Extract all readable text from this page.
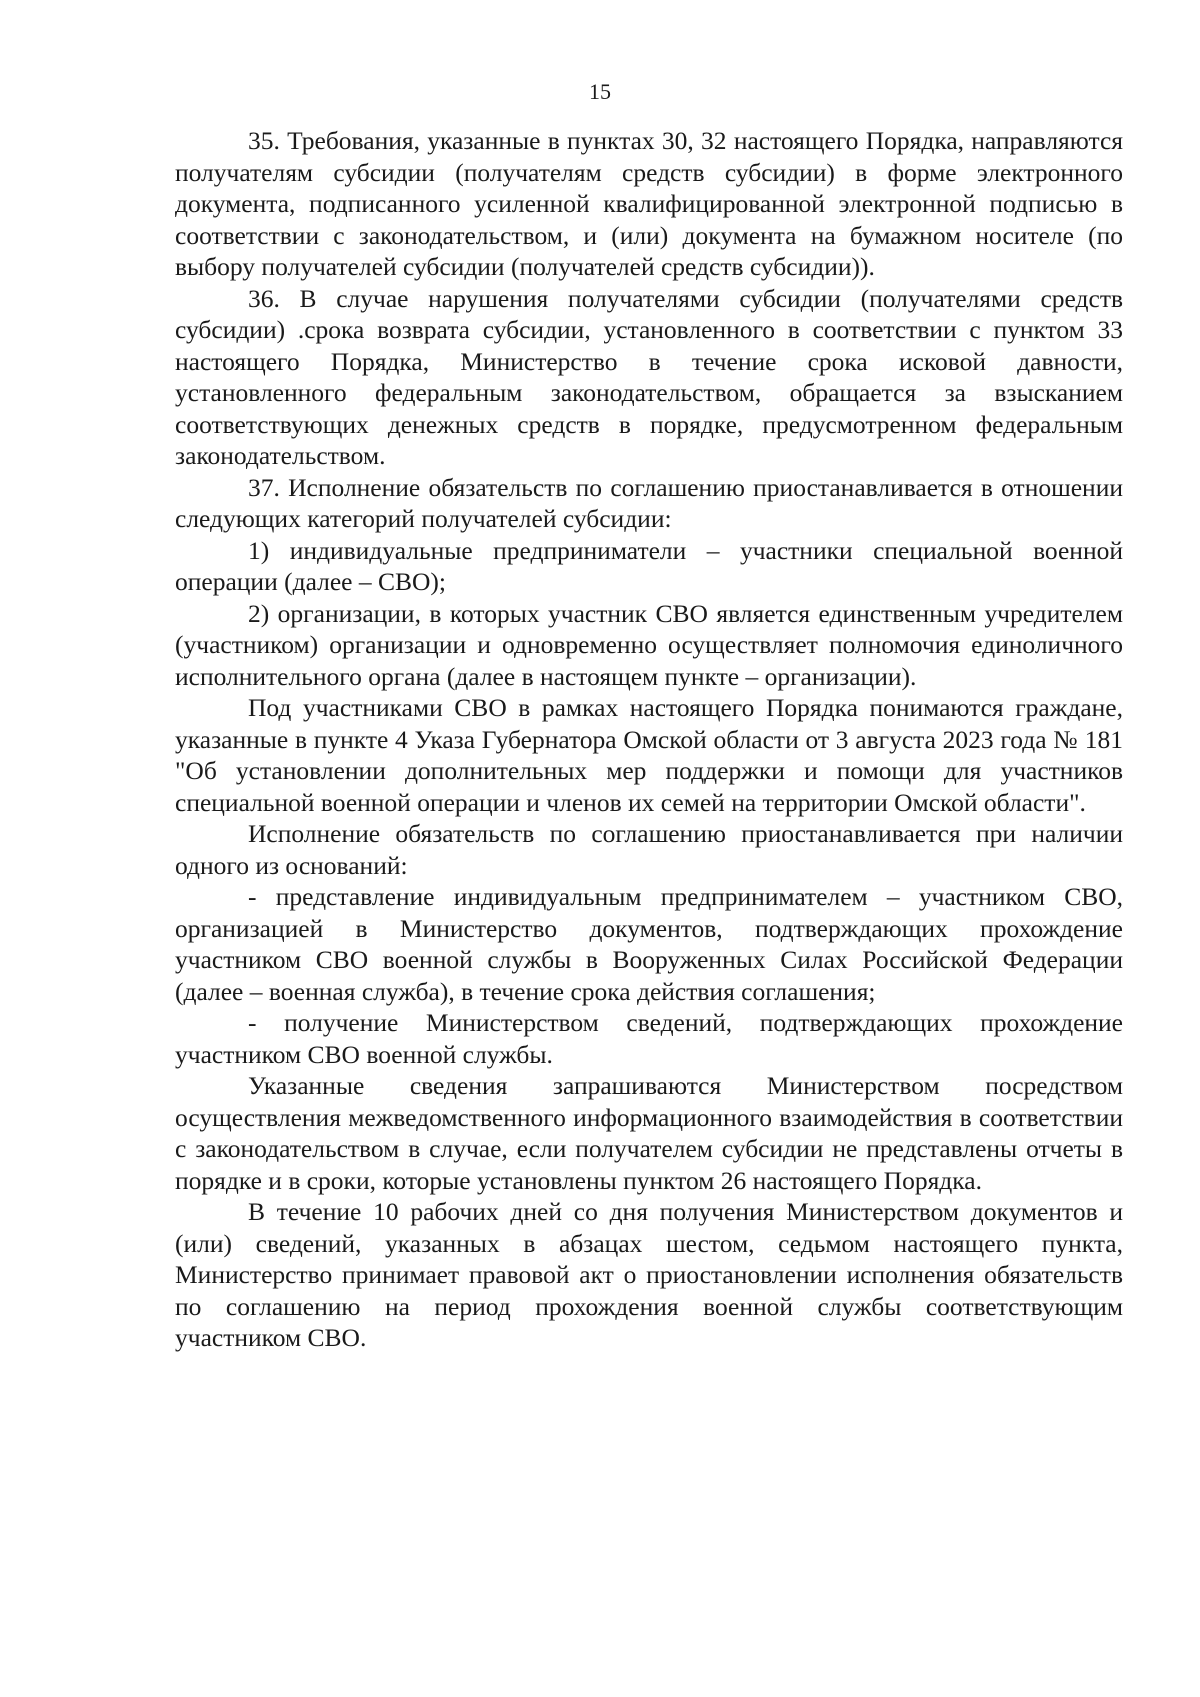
15

35. Требования, указанные в пунктах 30, 32 настоящего Порядка, направляются получателям субсидии (получателям средств субсидии) в форме электронного документа, подписанного усиленной квалифицированной электронной подписью в соответствии с законодательством, и (или) документа на бумажном носителе (по выбору получателей субсидии (получателей средств субсидии)).

36. В случае нарушения получателями субсидии (получателями средств субсидии) .срока возврата субсидии, установленного в соответствии с пунктом 33 настоящего Порядка, Министерство в течение срока исковой давности, установленного федеральным законодательством, обращается за взысканием соответствующих денежных средств в порядке, предусмотренном федеральным законодательством.

37. Исполнение обязательств по соглашению приостанавливается в отношении следующих категорий получателей субсидии:

1) индивидуальные предприниматели – участники специальной военной операции (далее – СВО);

2) организации, в которых участник СВО является единственным учредителем (участником) организации и одновременно осуществляет полномочия единоличного исполнительного органа (далее в настоящем пункте – организации).

Под участниками СВО в рамках настоящего Порядка понимаются граждане, указанные в пункте 4 Указа Губернатора Омской области от 3 августа 2023 года № 181 "Об установлении дополнительных мер поддержки и помощи для участников специальной военной операции и членов их семей на территории Омской области".

Исполнение обязательств по соглашению приостанавливается при наличии одного из оснований:

- представление индивидуальным предпринимателем – участником СВО, организацией в Министерство документов, подтверждающих прохождение участником СВО военной службы в Вооруженных Силах Российской Федерации (далее – военная служба), в течение срока действия соглашения;

- получение Министерством сведений, подтверждающих прохождение участником СВО военной службы.

Указанные сведения запрашиваются Министерством посредством осуществления межведомственного информационного взаимодействия в соответствии с законодательством в случае, если получателем субсидии не представлены отчеты в порядке и в сроки, которые установлены пунктом 26 настоящего Порядка.

В течение 10 рабочих дней со дня получения Министерством документов и (или) сведений, указанных в абзацах шестом, седьмом настоящего пункта, Министерство принимает правовой акт о приостановлении исполнения обязательств по соглашению на период прохождения военной службы соответствующим участником СВО.
